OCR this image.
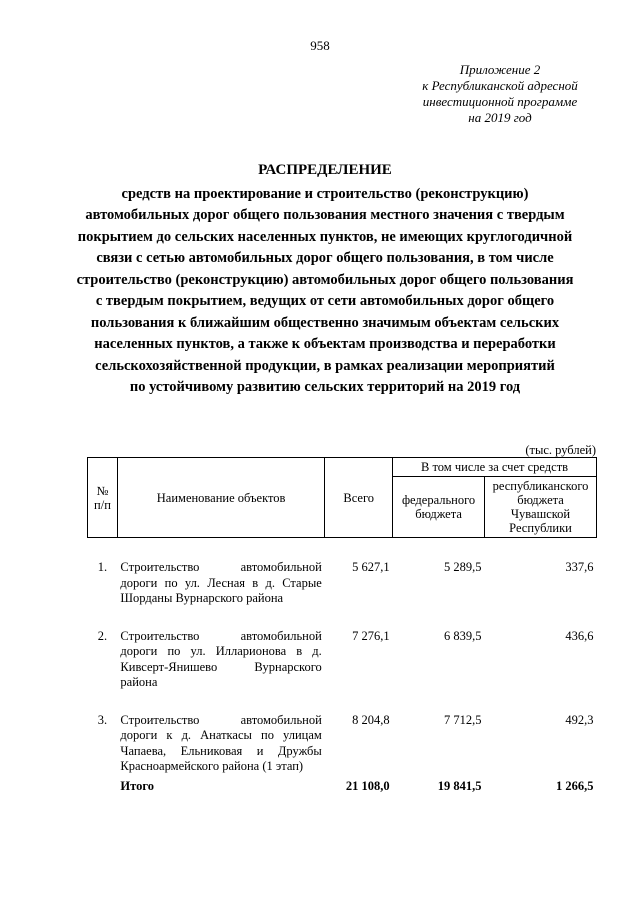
958
Приложение 2
к Республиканской адресной
инвестиционной программе
на 2019 год
РАСПРЕДЕЛЕНИЕ
средств на проектирование и строительство (реконструкцию)
автомобильных дорог общего пользования местного значения с твердым
покрытием до сельских населенных пунктов, не имеющих круглогодичной
связи с сетью автомобильных дорог общего пользования, в том числе
строительство (реконструкцию) автомобильных дорог общего пользования
с твердым покрытием, ведущих от сети автомобильных дорог общего
пользования к ближайшим общественно значимым объектам сельских
населенных пунктов, а также к объектам производства и переработки
сельскохозяйственной продукции, в рамках реализации мероприятий
по устойчивому развитию сельских территорий на 2019 год
(тыс. рублей)
№ п/п	Наименование объектов	Всего	В том числе за счет средств	
			федерального бюджета	республиканского бюджета Чувашской Республики

1.	Строительство автомобильной дороги по ул. Лесная в д. Старые Шорданы Вурнарского района	5 627,1	5 289,5	337,6

2.	Строительство автомобильной дороги по ул. Илларионова в д. Кивсерт-Янишево Вурнарского района	7 276,1	6 839,5	436,6

3.	Строительство автомобильной дороги к д. Анаткасы по улицам Чапаева, Ельниковая и Дружбы Красноармейского района (1 этап)	8 204,8	7 712,5	492,3
	Итого	21 108,0	19 841,5	1 266,5
